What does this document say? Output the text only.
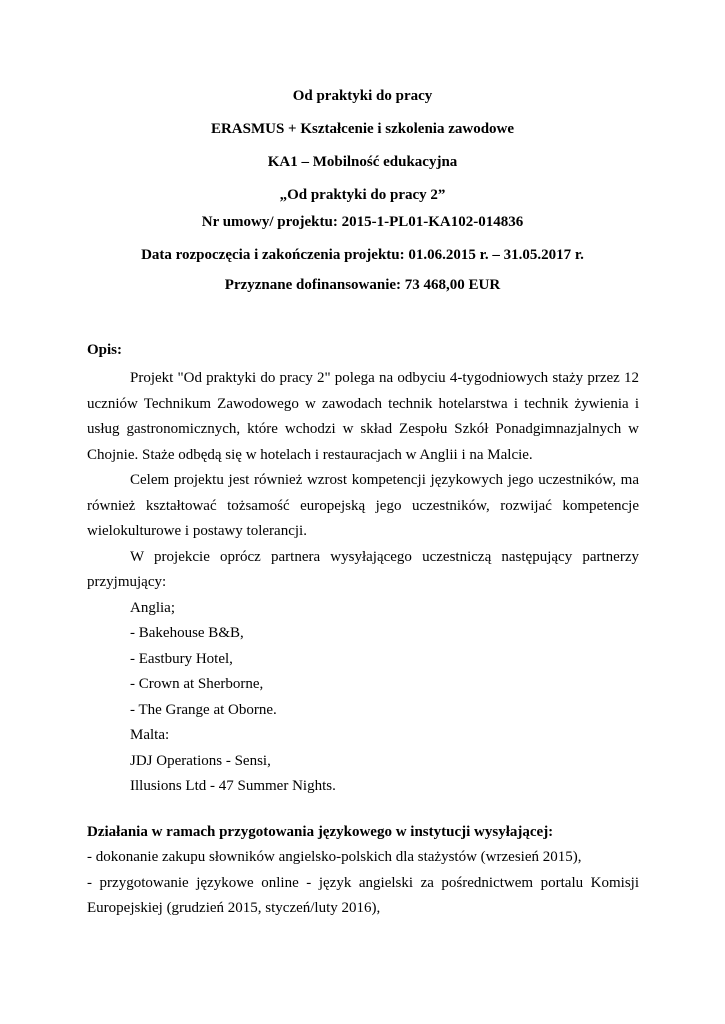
Od praktyki do pracy
ERASMUS + Kształcenie i szkolenia zawodowe
KA1 – Mobilność edukacyjna
„Od praktyki do pracy 2”
Nr umowy/ projektu: 2015-1-PL01-KA102-014836
Data rozpoczęcia i zakończenia projektu: 01.06.2015 r. – 31.05.2017 r.
Przyznane dofinansowanie: 73 468,00 EUR
Opis:

Projekt "Od praktyki do pracy 2" polega na odbyciu 4-tygodniowych staży przez 12 uczniów Technikum Zawodowego w zawodach technik hotelarstwa i technik żywienia i usług gastronomicznych, które wchodzi w skład Zespołu Szkół Ponadgimnazjalnych w Chojnie. Staże odbędą się w hotelach i restauracjach w Anglii i na Malcie.

Celem projektu jest również wzrost kompetencji językowych jego uczestników, ma również kształtować tożsamość europejską jego uczestników, rozwijać kompetencje wielokulturowe i postawy tolerancji.

W projekcie oprócz partnera wysyłającego uczestniczą następujący partnerzy przyjmujący:

Anglia;

- Bakehouse B&B,

- Eastbury Hotel,

- Crown at Sherborne,

- The Grange at Oborne.

Malta:

JDJ Operations - Sensi,

Illusions Ltd - 47 Summer Nights.

Działania w ramach przygotowania językowego w instytucji wysyłającej:

- dokonanie zakupu słowników angielsko-polskich dla stażystów (wrzesień 2015),

- przygotowanie językowe online - język angielski za pośrednictwem portalu Komisji Europejskiej (grudzień 2015, styczeń/luty 2016),
